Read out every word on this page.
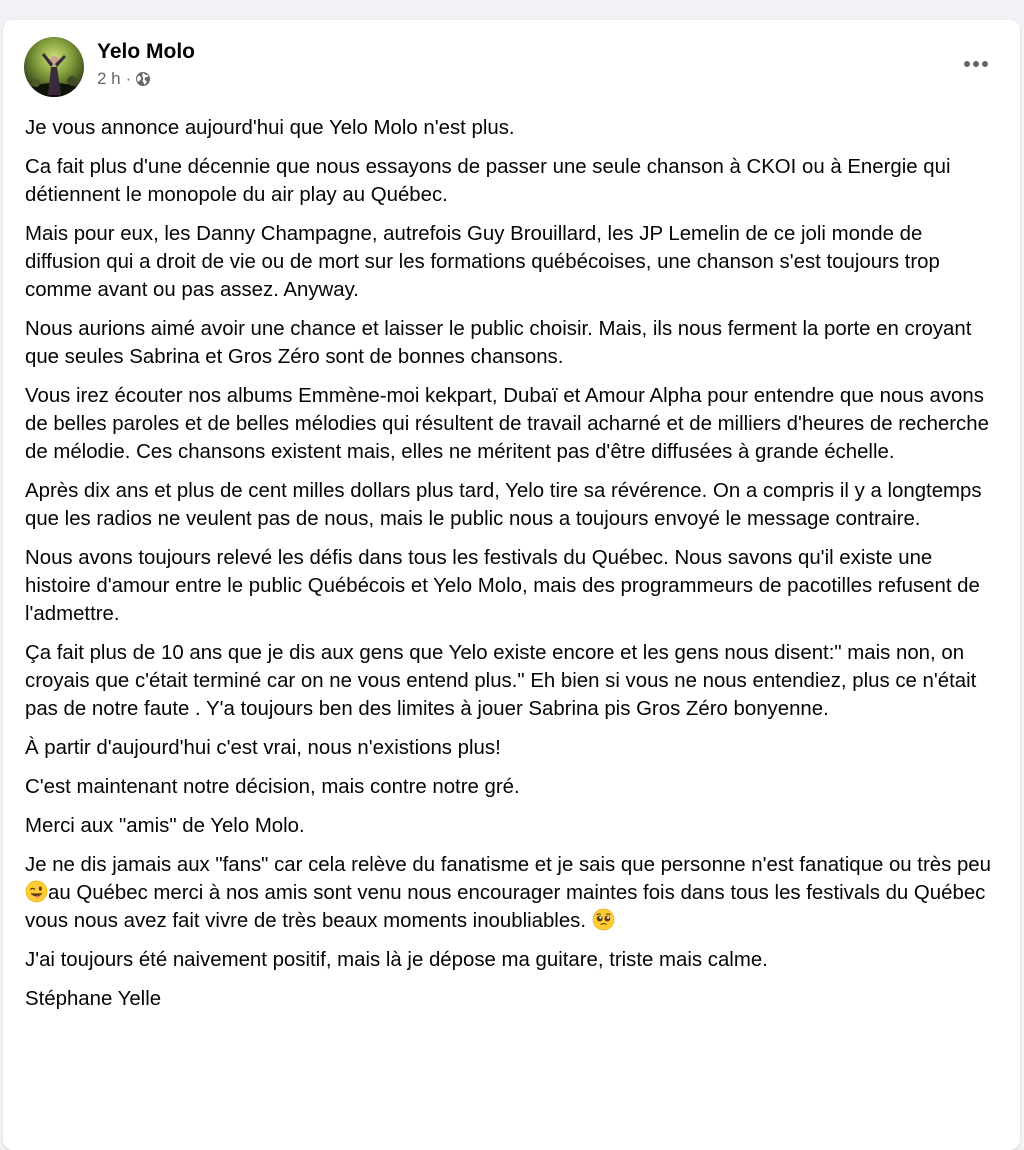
Yelo Molo
2 h ·

Je vous annonce aujourd'hui que Yelo Molo n'est plus.

Ca fait plus d'une décennie que nous essayons de passer une seule chanson à CKOI ou à Energie qui détiennent le monopole du air play au Québec.

Mais pour eux, les Danny Champagne, autrefois Guy Brouillard, les JP Lemelin de ce joli monde de diffusion qui a droit de vie ou de mort sur les formations québécoises, une chanson s'est toujours trop comme avant ou pas assez. Anyway.

Nous aurions aimé avoir une chance et laisser le public choisir. Mais, ils nous ferment la porte en croyant que seules Sabrina et Gros Zéro sont de bonnes chansons.

Vous irez écouter nos albums Emmène-moi kekpart, Dubaï et Amour Alpha pour entendre que nous avons de belles paroles et de belles mélodies qui résultent de travail acharné et de milliers d'heures de recherche de mélodie. Ces chansons existent mais, elles ne méritent pas d'être diffusées à grande échelle.

Après dix ans et plus de cent milles dollars plus tard, Yelo tire sa révérence. On a compris il y a longtemps que les radios ne veulent pas de nous, mais le public nous a toujours envoyé le message contraire.

Nous avons toujours relevé les défis dans tous les festivals du Québec. Nous savons qu'il existe une histoire d'amour entre le public Québécois et Yelo Molo, mais des programmeurs de pacotilles refusent de l'admettre.

Ça fait plus de 10 ans que je dis aux gens que Yelo existe encore et les gens nous disent:" mais non, on croyais que c'était terminé car on ne vous entend plus." Eh bien si vous ne nous entendiez, plus ce n'était pas de notre faute . Y'a toujours ben des limites à jouer Sabrina pis Gros Zéro bonyenne.

À partir d'aujourd'hui c'est vrai, nous n'existions plus!

C'est maintenant notre décision, mais contre notre gré.

Merci aux "amis" de Yelo Molo.

Je ne dis jamais aux "fans" car cela relève du fanatisme et je sais que personne n'est fanatique ou très peu au Québec merci à nos amis sont venu nous encourager maintes fois dans tous les festivals du Québec vous nous avez fait vivre de très beaux moments inoubliables.

J'ai toujours été naivement positif, mais là je dépose ma guitare, triste mais calme.

Stéphane Yelle
